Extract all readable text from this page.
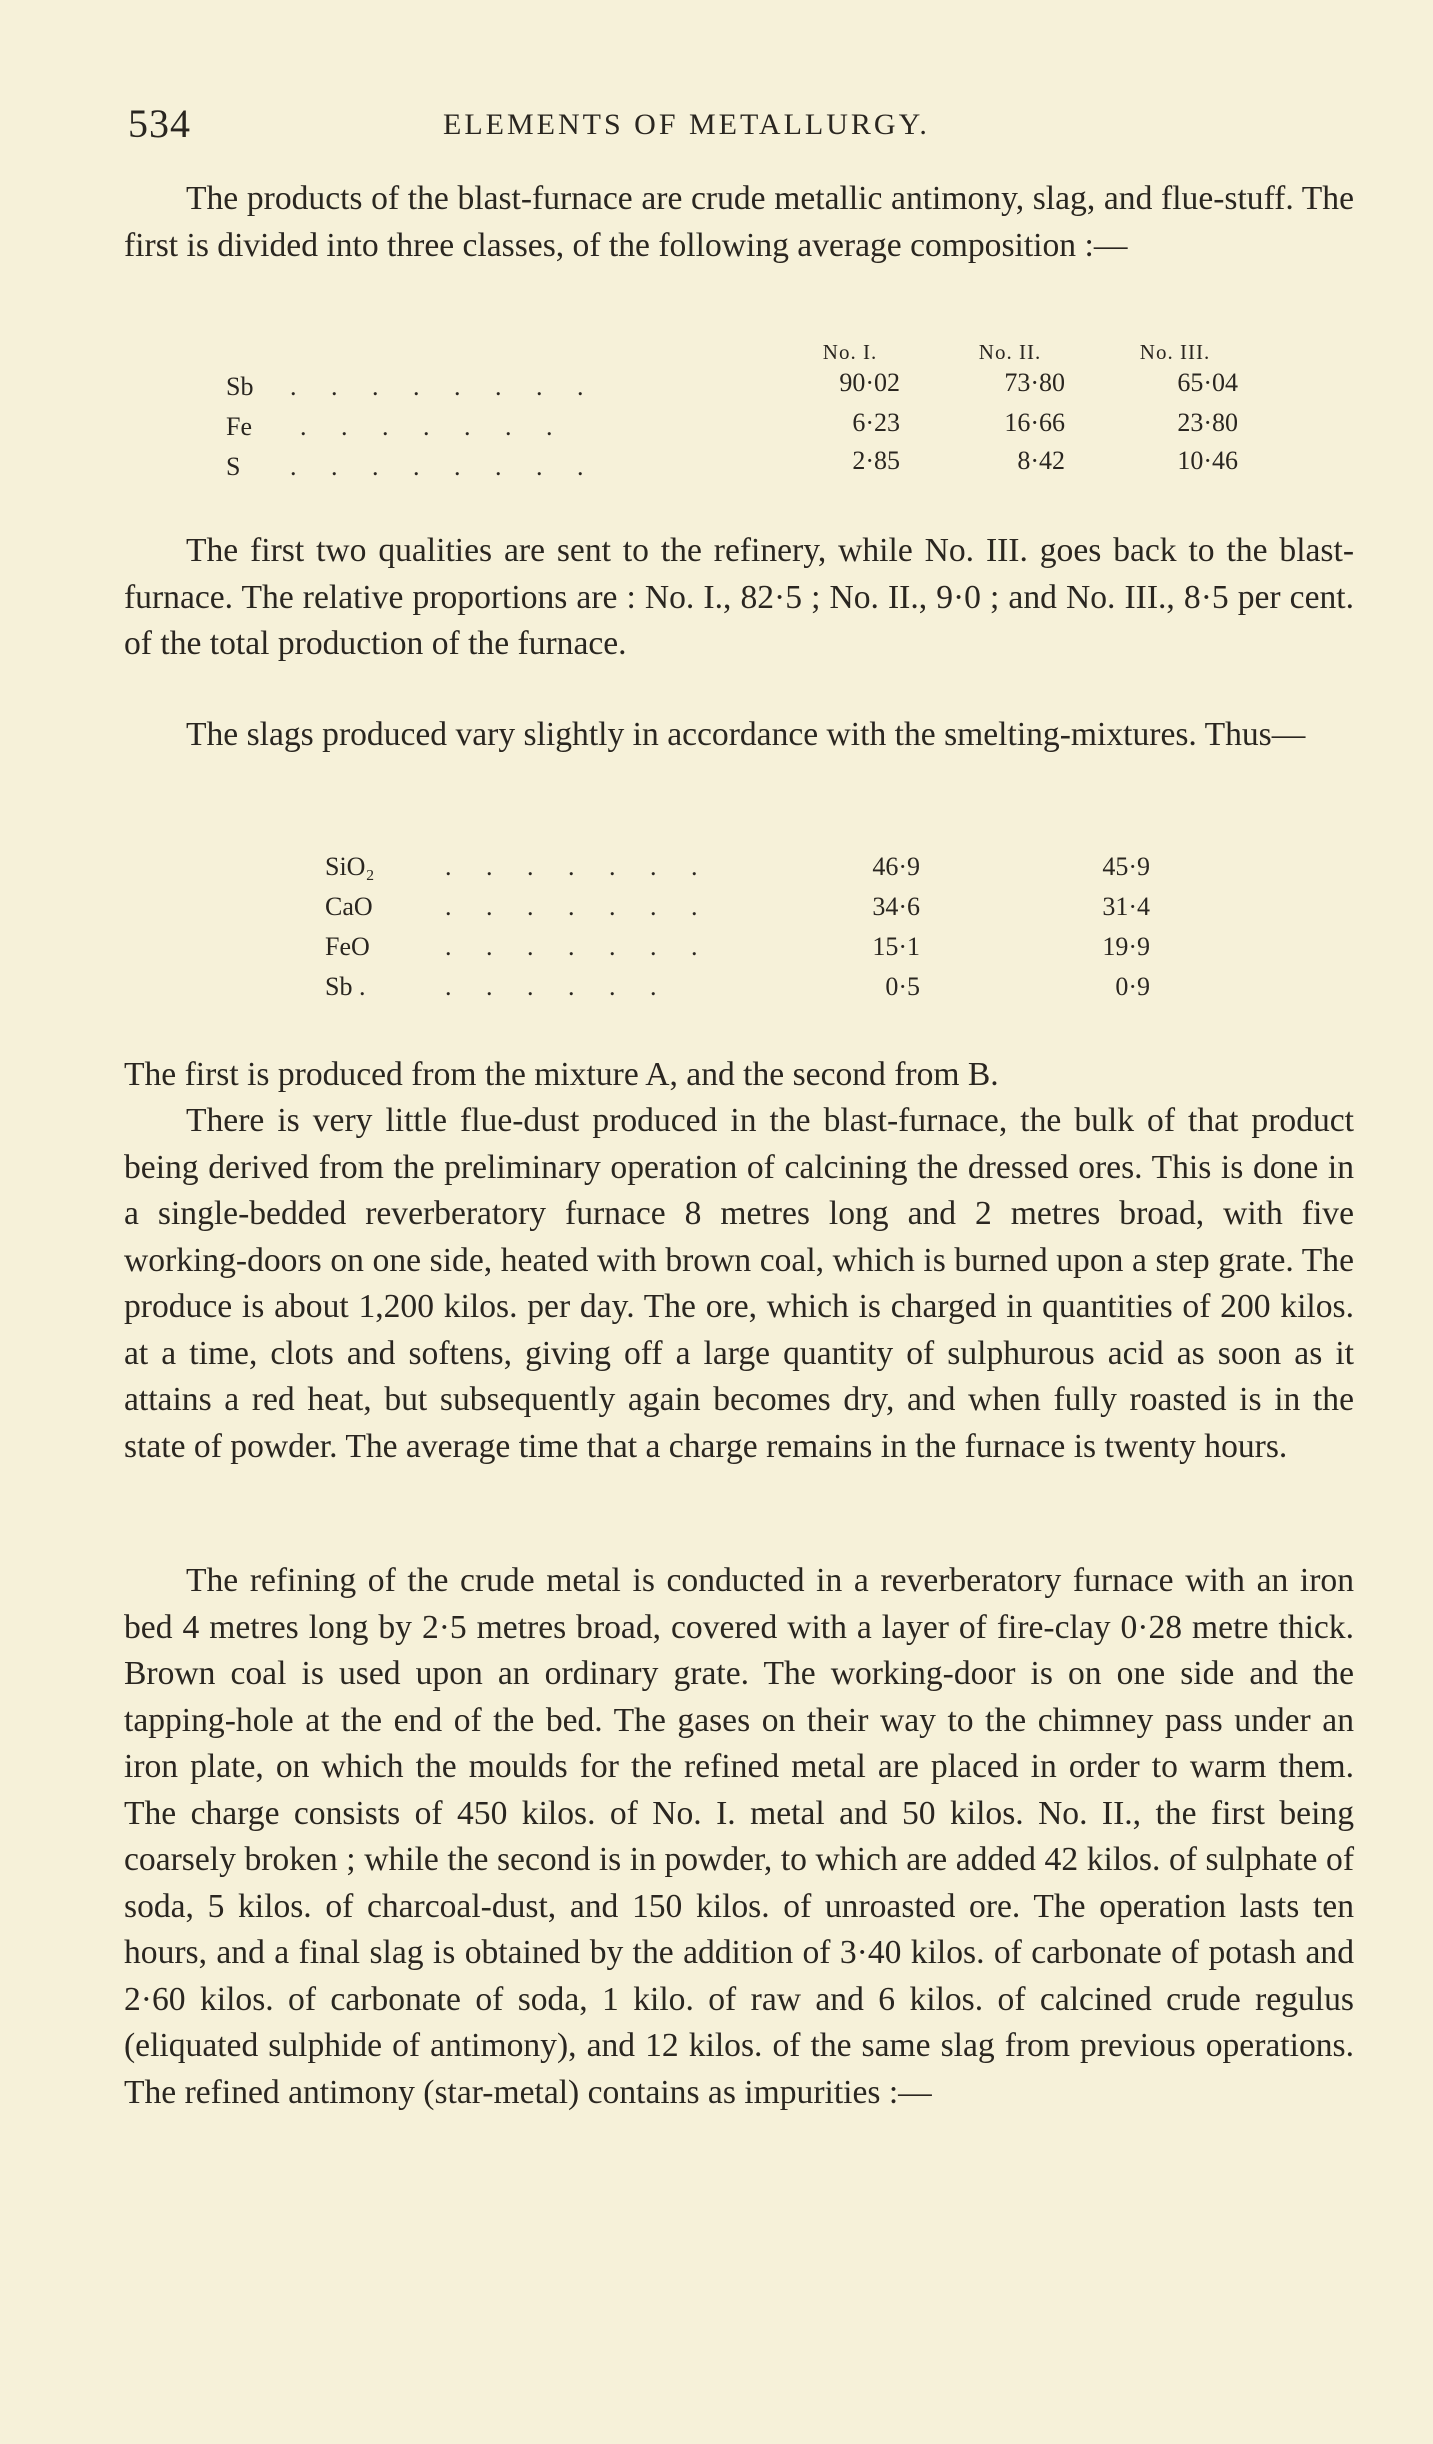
534	ELEMENTS OF METALLURGY.

The products of the blast-furnace are crude metallic antimony, slag, and flue-stuff. The first is divided into three classes, of the following average composition :—

No. I.	No. II.	No. III.
Sb . . . . . . . .	90·02	73·80	65·04
Fe . . . . . . .	6·23	16·66	23·80
S . . . . . . . .	2·85	8·42	10·46

The first two qualities are sent to the refinery, while No. III. goes back to the blast-furnace. The relative proportions are : No. I., 82·5 ; No. II., 9·0 ; and No. III., 8·5 per cent. of the total production of the furnace.

The slags produced vary slightly in accordance with the smelting-mixtures. Thus—

SiO₂	. . . . . . .	46·9	45·9
CaO	. . . . . . .	34·6	31·4
FeO	. . . . . . .	15·1	19·9
Sb .	. . . . . .	0·5	0·9

The first is produced from the mixture A, and the second from B.

There is very little flue-dust produced in the blast-furnace, the bulk of that product being derived from the preliminary operation of calcining the dressed ores. This is done in a single-bedded reverberatory furnace 8 metres long and 2 metres broad, with five working-doors on one side, heated with brown coal, which is burned upon a step grate. The produce is about 1,200 kilos. per day. The ore, which is charged in quantities of 200 kilos. at a time, clots and softens, giving off a large quantity of sulphurous acid as soon as it attains a red heat, but subsequently again becomes dry, and when fully roasted is in the state of powder. The average time that a charge remains in the furnace is twenty hours.

The refining of the crude metal is conducted in a reverberatory furnace with an iron bed 4 metres long by 2·5 metres broad, covered with a layer of fire-clay 0·28 metre thick. Brown coal is used upon an ordinary grate. The working-door is on one side and the tapping-hole at the end of the bed. The gases on their way to the chimney pass under an iron plate, on which the moulds for the refined metal are placed in order to warm them. The charge consists of 450 kilos. of No. I. metal and 50 kilos. No. II., the first being coarsely broken ; while the second is in powder, to which are added 42 kilos. of sulphate of soda, 5 kilos. of charcoal-dust, and 150 kilos. of unroasted ore. The operation lasts ten hours, and a final slag is obtained by the addition of 3·40 kilos. of carbonate of potash and 2·60 kilos. of carbonate of soda, 1 kilo. of raw and 6 kilos. of calcined crude regulus (eliquated sulphide of antimony), and 12 kilos. of the same slag from previous operations. The refined antimony (star-metal) contains as impurities :—
